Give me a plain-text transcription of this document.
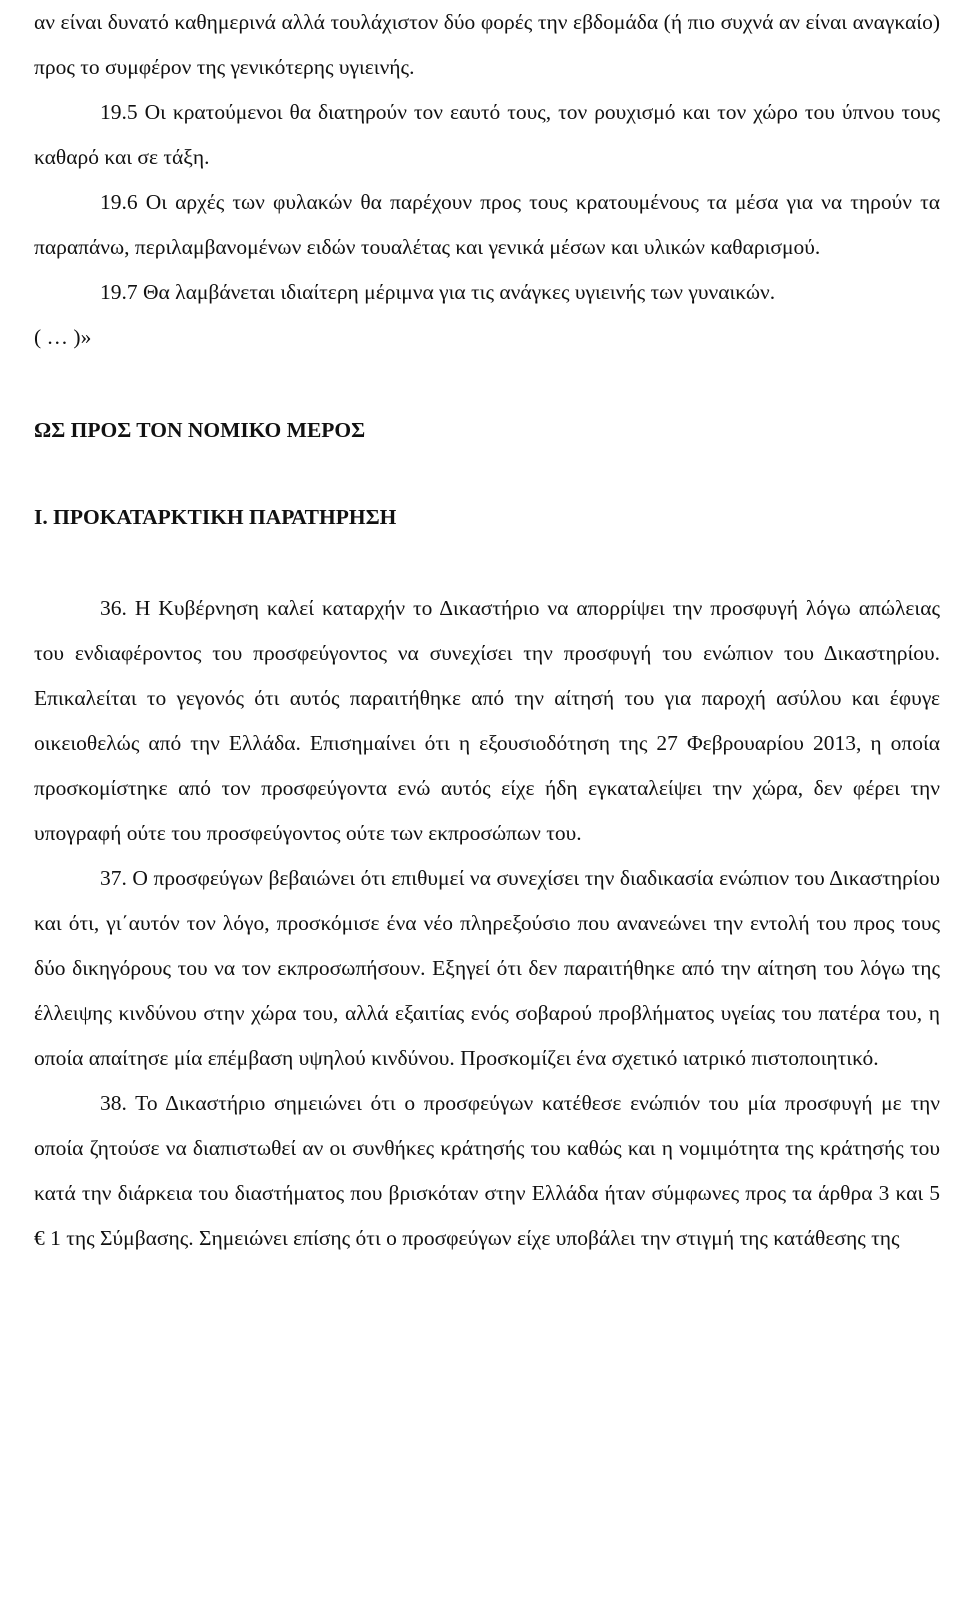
αν είναι δυνατό καθημερινά αλλά τουλάχιστον δύο φορές την εβδομάδα (ή πιο συχνά αν είναι αναγκαίο) προς το συμφέρον της γενικότερης υγιεινής.

19.5 Οι κρατούμενοι θα διατηρούν τον εαυτό τους, τον ρουχισμό και τον χώρο του ύπνου τους καθαρό και σε τάξη.

19.6 Οι αρχές των φυλακών θα παρέχουν προς τους κρατουμένους τα μέσα για να τηρούν τα παραπάνω, περιλαμβανομένων ειδών τουαλέτας και γενικά μέσων και υλικών καθαρισμού.

19.7 Θα λαμβάνεται ιδιαίτερη μέριμνα για τις ανάγκες υγιεινής των γυναικών.

( … )»

ΩΣ ΠΡΟΣ ΤΟΝ ΝΟΜΙΚΟ ΜΕΡΟΣ
Ι. ΠΡΟΚΑΤΑΡΚΤΙΚΗ ΠΑΡΑΤΗΡΗΣΗ

36. Η Κυβέρνηση καλεί καταρχήν το Δικαστήριο να απορρίψει την προσφυγή λόγω απώλειας του ενδιαφέροντος του προσφεύγοντος να συνεχίσει την προσφυγή του ενώπιον του Δικαστηρίου. Επικαλείται το γεγονός ότι αυτός παραιτήθηκε από την αίτησή του για παροχή ασύλου και έφυγε οικειοθελώς από την Ελλάδα. Επισημαίνει ότι η εξουσιοδότηση της 27 Φεβρουαρίου 2013, η οποία προσκομίστηκε από τον προσφεύγοντα ενώ αυτός είχε ήδη εγκαταλείψει την χώρα, δεν φέρει την υπογραφή ούτε του προσφεύγοντος ούτε των εκπροσώπων του.

37. Ο προσφεύγων βεβαιώνει ότι επιθυμεί να συνεχίσει την διαδικασία ενώπιον του Δικαστηρίου και ότι, γι΄αυτόν τον λόγο, προσκόμισε ένα νέο πληρεξούσιο που ανανεώνει την εντολή του προς τους δύο δικηγόρους του να τον εκπροσωπήσουν. Εξηγεί ότι δεν παραιτήθηκε από την αίτηση του λόγω της έλλειψης κινδύνου στην χώρα του, αλλά εξαιτίας ενός σοβαρού προβλήματος υγείας του πατέρα του, η οποία απαίτησε μία επέμβαση υψηλού κινδύνου. Προσκομίζει ένα σχετικό ιατρικό πιστοποιητικό.

38. Το Δικαστήριο σημειώνει ότι ο προσφεύγων κατέθεσε ενώπιόν του μία προσφυγή με την οποία ζητούσε να διαπιστωθεί αν οι συνθήκες κράτησής του καθώς και η νομιμότητα της κράτησής του κατά την διάρκεια του διαστήματος που βρισκόταν στην Ελλάδα ήταν σύμφωνες προς τα άρθρα 3 και 5 € 1 της Σύμβασης. Σημειώνει επίσης ότι ο προσφεύγων είχε υποβάλει την στιγμή της κατάθεσης της
